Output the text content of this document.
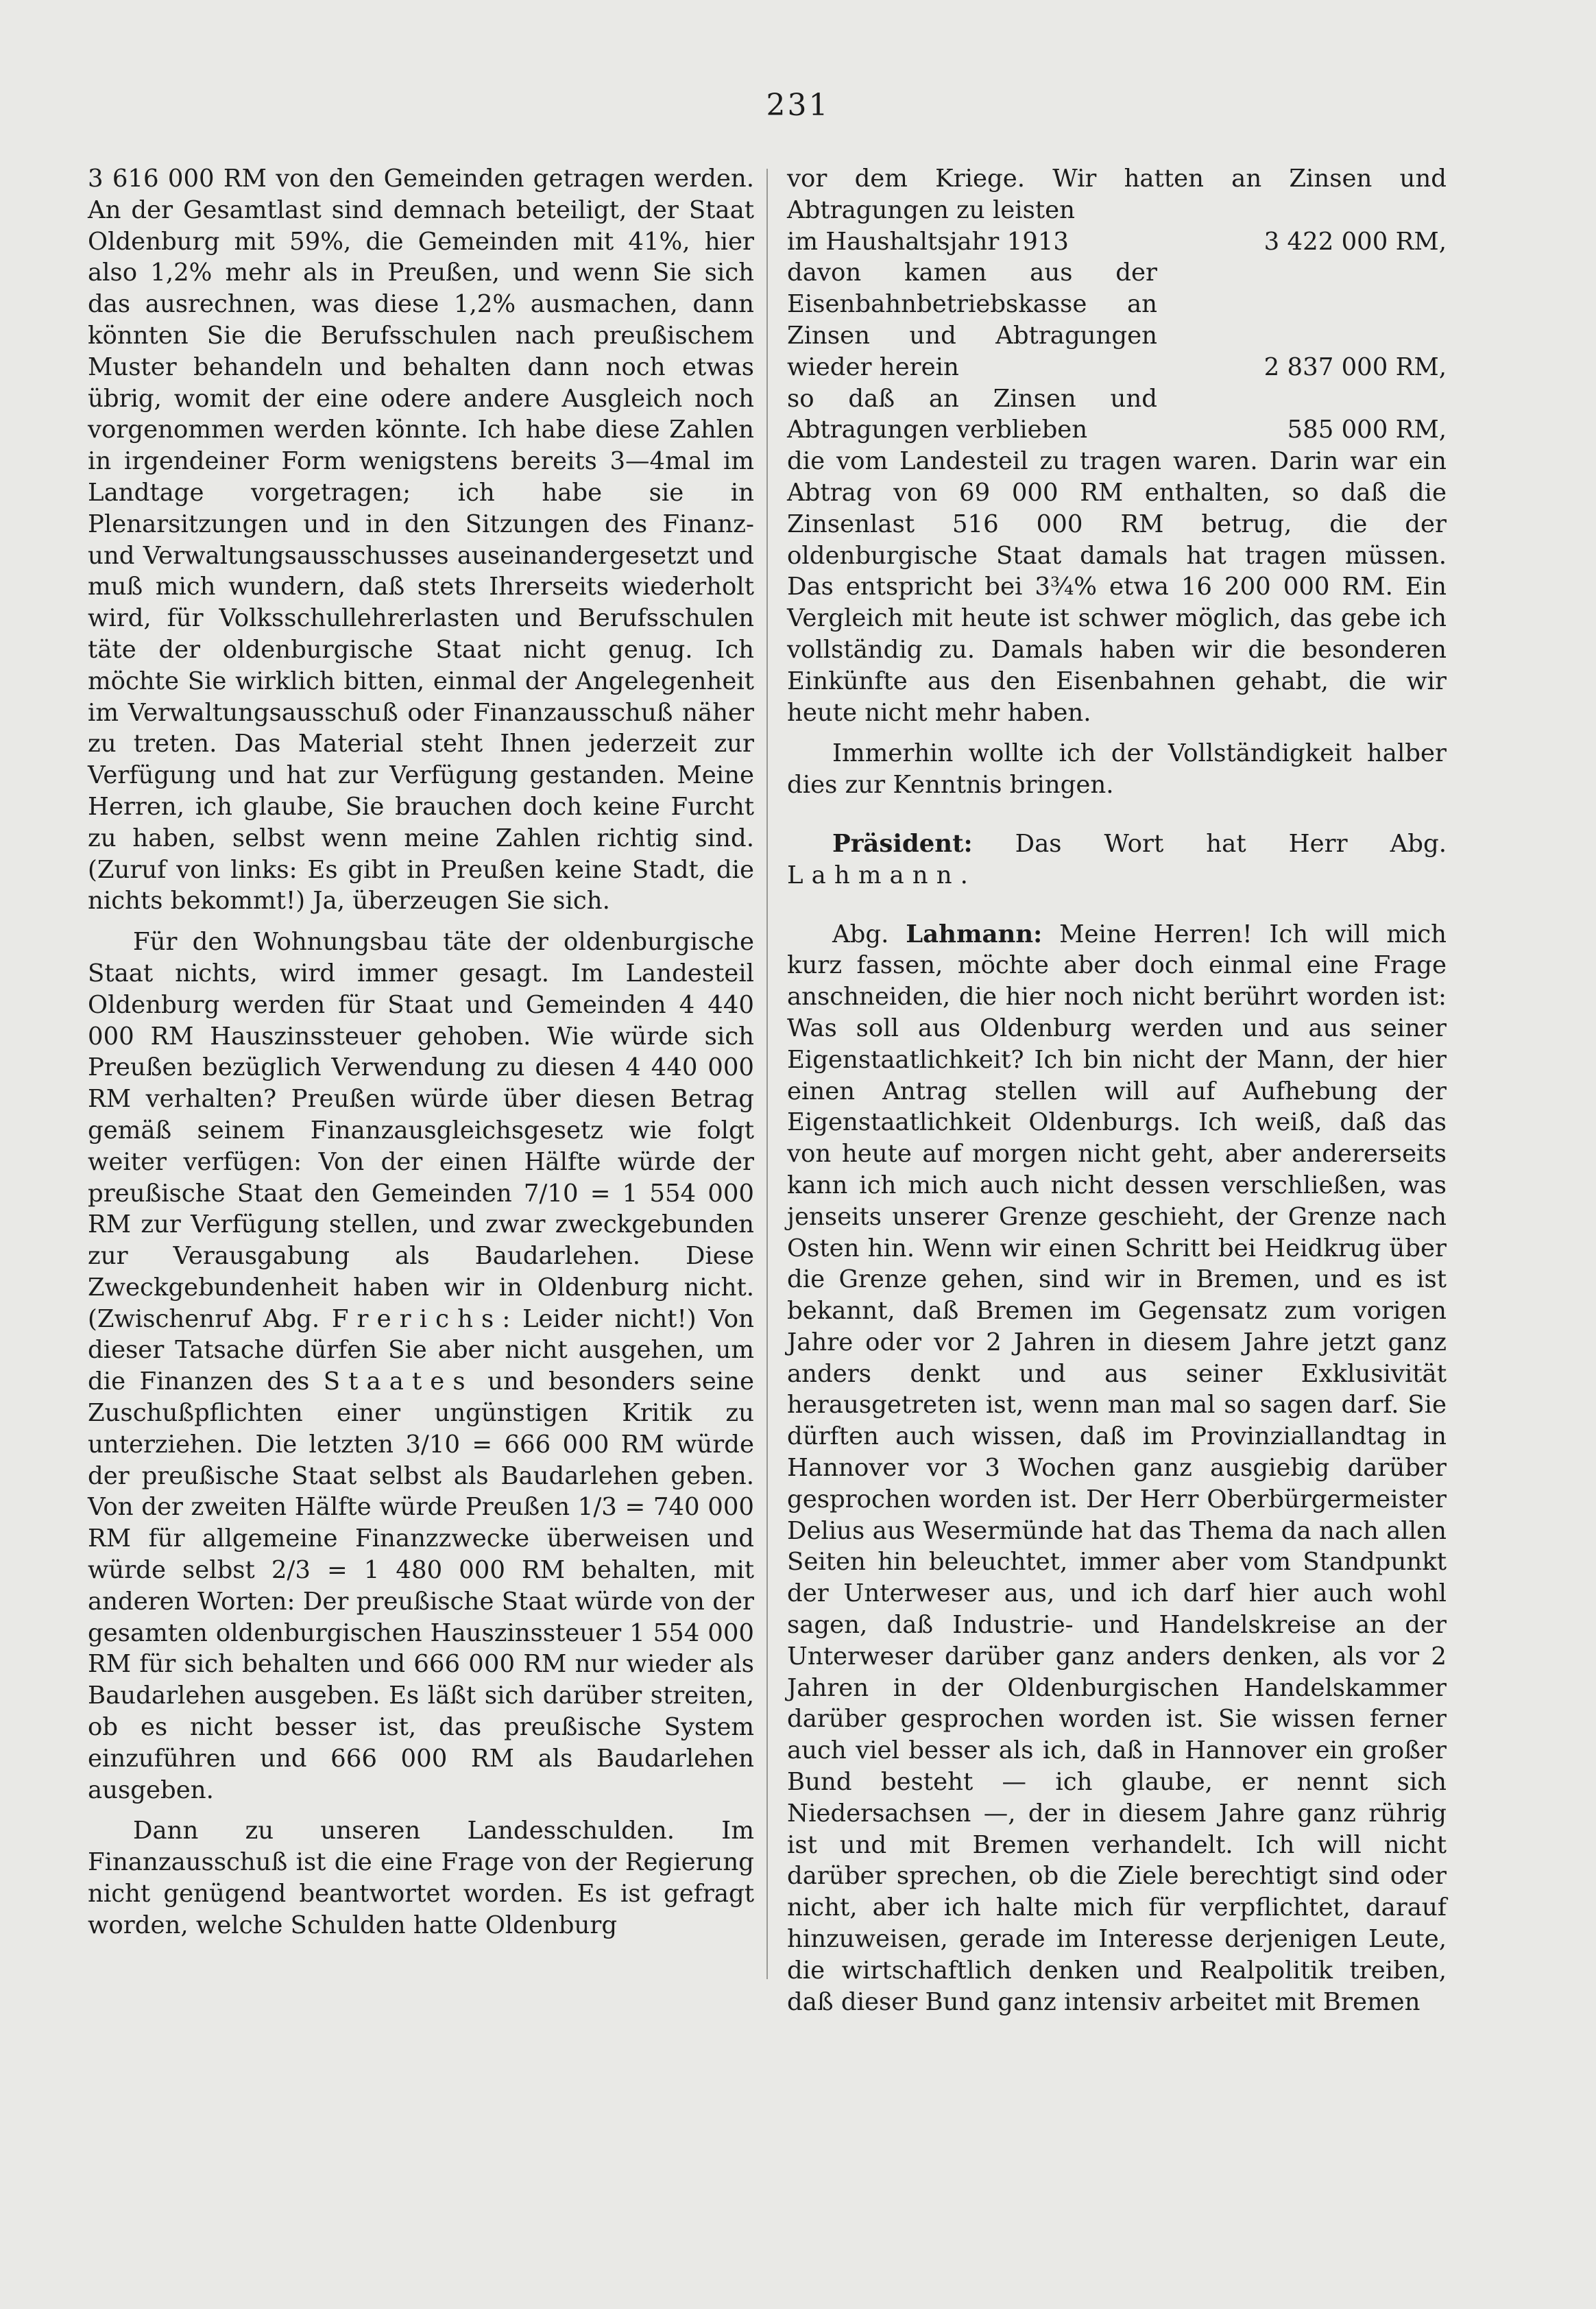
231

3 616 000 RM von den Gemeinden getragen werden. An der Gesamtlast sind demnach beteiligt, der Staat Oldenburg mit 59%, die Gemeinden mit 41%, hier also 1,2% mehr als in Preußen, und wenn Sie sich das ausrechnen, was diese 1,2% ausmachen, dann könnten Sie die Berufsschulen nach preußischem Muster behandeln und behalten dann noch etwas übrig, womit der eine odere andere Ausgleich noch vorgenommen werden könnte. Ich habe diese Zahlen in irgendeiner Form wenigstens bereits 3—4mal im Landtage vorgetragen; ich habe sie in Plenarsitzungen und in den Sitzungen des Finanz- und Verwaltungsausschusses auseinandergesetzt und muß mich wundern, daß stets Ihrerseits wiederholt wird, für Volksschullehrerlasten und Berufsschulen täte der oldenburgische Staat nicht genug. Ich möchte Sie wirklich bitten, einmal der Angelegenheit im Verwaltungsausschuß oder Finanzausschuß näher zu treten. Das Material steht Ihnen jederzeit zur Verfügung und hat zur Verfügung gestanden. Meine Herren, ich glaube, Sie brauchen doch keine Furcht zu haben, selbst wenn meine Zahlen richtig sind. (Zuruf von links: Es gibt in Preußen keine Stadt, die nichts bekommt!) Ja, überzeugen Sie sich.

Für den Wohnungsbau täte der oldenburgische Staat nichts, wird immer gesagt. Im Landesteil Oldenburg werden für Staat und Gemeinden 4 440 000 RM Hauszinssteuer gehoben. Wie würde sich Preußen bezüglich Verwendung zu diesen 4 440 000 RM verhalten? Preußen würde über diesen Betrag gemäß seinem Finanzausgleichsgesetz wie folgt weiter verfügen: Von der einen Hälfte würde der preußische Staat den Gemeinden 7/10 = 1 554 000 RM zur Verfügung stellen, und zwar zweckgebunden zur Verausgabung als Baudarlehen. Diese Zweckgebundenheit haben wir in Oldenburg nicht. (Zwischenruf Abg. Frerichs: Leider nicht!) Von dieser Tatsache dürfen Sie aber nicht ausgehen, um die Finanzen des Staates und besonders seine Zuschußpflichten einer ungünstigen Kritik zu unterziehen. Die letzten 3/10 = 666 000 RM würde der preußische Staat selbst als Baudarlehen geben. Von der zweiten Hälfte würde Preußen 1/3 = 740 000 RM für allgemeine Finanzzwecke überweisen und würde selbst 2/3 = 1 480 000 RM behalten, mit anderen Worten: Der preußische Staat würde von der gesamten oldenburgischen Hauszinssteuer 1 554 000 RM für sich behalten und 666 000 RM nur wieder als Baudarlehen ausgeben. Es läßt sich darüber streiten, ob es nicht besser ist, das preußische System einzuführen und 666 000 RM als Baudarlehen ausgeben.

Dann zu unseren Landesschulden. Im Finanzausschuß ist die eine Frage von der Regierung nicht genügend beantwortet worden. Es ist gefragt worden, welche Schulden hatte Oldenburg

vor dem Kriege. Wir hatten an Zinsen und Abtragungen zu leisten
im Haushaltsjahr 1913	3 422 000 RM,
davon kamen aus der Eisenbahnbetriebskasse an Zinsen und Abtragungen wieder herein	2 837 000 RM,
so daß an Zinsen und Abtragungen verblieben	585 000 RM,
die vom Landesteil zu tragen waren. Darin war ein Abtrag von 69 000 RM enthalten, so daß die Zinsenlast 516 000 RM betrug, die der oldenburgische Staat damals hat tragen müssen. Das entspricht bei 3¾% etwa 16 200 000 RM. Ein Vergleich mit heute ist schwer möglich, das gebe ich vollständig zu. Damals haben wir die besonderen Einkünfte aus den Eisenbahnen gehabt, die wir heute nicht mehr haben.

Immerhin wollte ich der Vollständigkeit halber dies zur Kenntnis bringen.

Präsident: Das Wort hat Herr Abg. Lahmann.

Abg. Lahmann: Meine Herren! Ich will mich kurz fassen, möchte aber doch einmal eine Frage anschneiden, die hier noch nicht berührt worden ist: Was soll aus Oldenburg werden und aus seiner Eigenstaatlichkeit? Ich bin nicht der Mann, der hier einen Antrag stellen will auf Aufhebung der Eigenstaatlichkeit Oldenburgs. Ich weiß, daß das von heute auf morgen nicht geht, aber andererseits kann ich mich auch nicht dessen verschließen, was jenseits unserer Grenze geschieht, der Grenze nach Osten hin. Wenn wir einen Schritt bei Heidkrug über die Grenze gehen, sind wir in Bremen, und es ist bekannt, daß Bremen im Gegensatz zum vorigen Jahre oder vor 2 Jahren in diesem Jahre jetzt ganz anders denkt und aus seiner Exklusivität herausgetreten ist, wenn man mal so sagen darf. Sie dürften auch wissen, daß im Provinziallandtag in Hannover vor 3 Wochen ganz ausgiebig darüber gesprochen worden ist. Der Herr Oberbürgermeister Delius aus Wesermünde hat das Thema da nach allen Seiten hin beleuchtet, immer aber vom Standpunkt der Unterweser aus, und ich darf hier auch wohl sagen, daß Industrie- und Handelskreise an der Unterweser darüber ganz anders denken, als vor 2 Jahren in der Oldenburgischen Handelskammer darüber gesprochen worden ist. Sie wissen ferner auch viel besser als ich, daß in Hannover ein großer Bund besteht — ich glaube, er nennt sich Niedersachsen —, der in diesem Jahre ganz rührig ist und mit Bremen verhandelt. Ich will nicht darüber sprechen, ob die Ziele berechtigt sind oder nicht, aber ich halte mich für verpflichtet, darauf hinzuweisen, gerade im Interesse derjenigen Leute, die wirtschaftlich denken und Realpolitik treiben, daß dieser Bund ganz intensiv arbeitet mit Bremen
